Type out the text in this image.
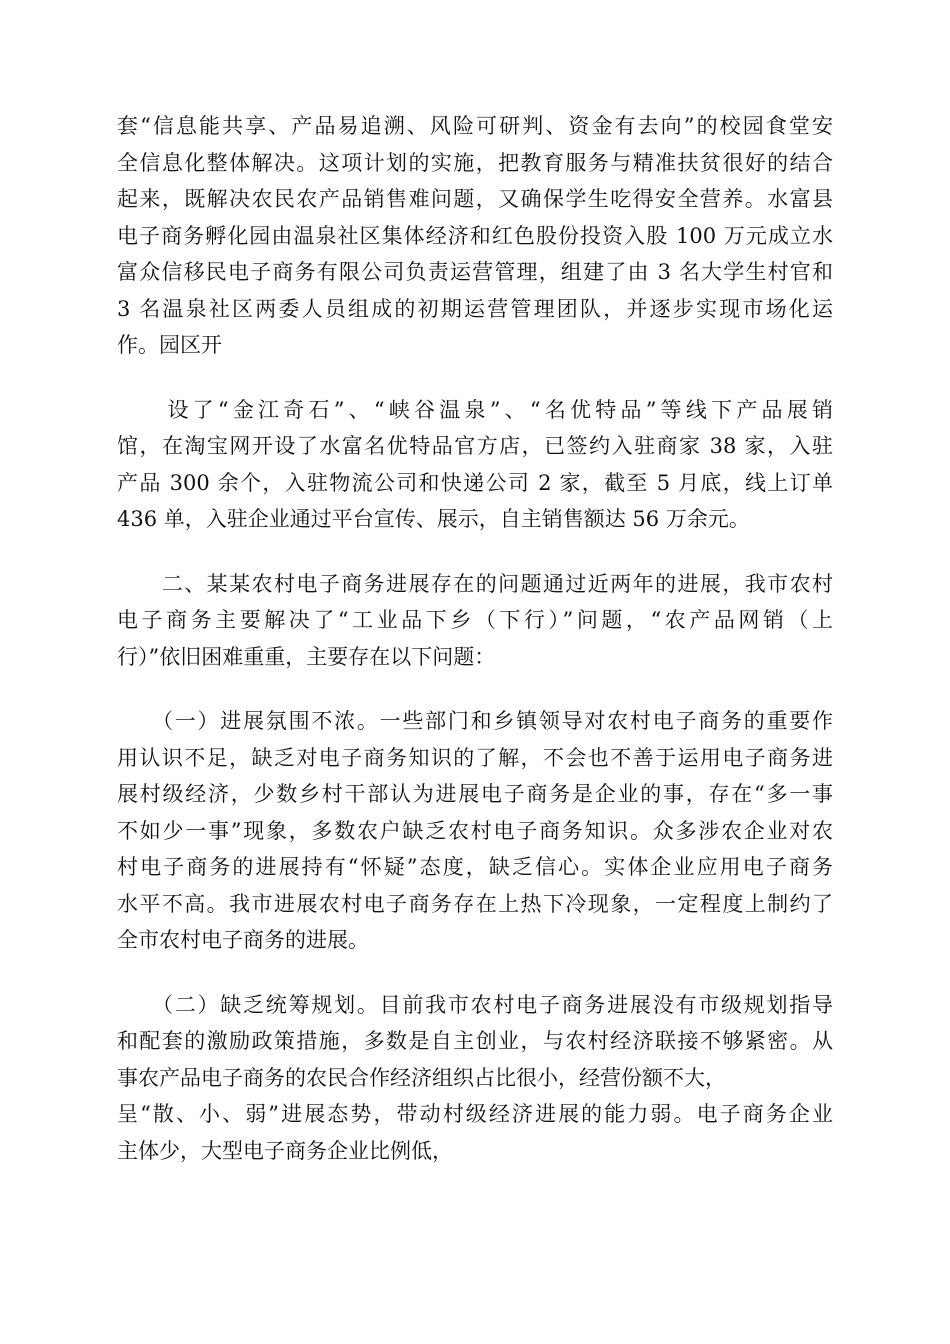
套“信息能共享、产品易追溯、风险可研判、资金有去向”的校园食堂安
全信息化整体解决。这项计划的实施，把教育服务与精准扶贫很好的结合
起来，既解决农民农产品销售难问题，又确保学生吃得安全营养。水富县
电子商务孵化园由温泉社区集体经济和红色股份投资入股 100 万元成立水
富众信移民电子商务有限公司负责运营管理，组建了由 3 名大学生村官和
3 名温泉社区两委人员组成的初期运营管理团队，并逐步实现市场化运
作。园区开

　　设了“金江奇石”、“峡谷温泉”、“名优特品”等线下产品展销
馆，在淘宝网开设了水富名优特品官方店，已签约入驻商家 38 家，入驻
产品 300 余个，入驻物流公司和快递公司 2 家，截至 5 月底，线上订单
436 单，入驻企业通过平台宣传、展示，自主销售额达 56 万余元。

　　二、某某农村电子商务进展存在的问题通过近两年的进展，我市农村
电子商务主要解决了“工业品下乡（下行）”问题，“农产品网销（上
行）”依旧困难重重，主要存在以下问题：

　　（一）进展氛围不浓。一些部门和乡镇领导对农村电子商务的重要作
用认识不足，缺乏对电子商务知识的了解，不会也不善于运用电子商务进
展村级经济，少数乡村干部认为进展电子商务是企业的事，存在“多一事
不如少一事”现象，多数农户缺乏农村电子商务知识。众多涉农企业对农
村电子商务的进展持有“怀疑”态度，缺乏信心。实体企业应用电子商务
水平不高。我市进展农村电子商务存在上热下冷现象，一定程度上制约了
全市农村电子商务的进展。

　　（二）缺乏统筹规划。目前我市农村电子商务进展没有市级规划指导
和配套的激励政策措施，多数是自主创业，与农村经济联接不够紧密。从
事农产品电子商务的农民合作经济组织占比很小，经营份额不大，
呈“散、小、弱”进展态势，带动村级经济进展的能力弱。电子商务企业
主体少，大型电子商务企业比例低，
